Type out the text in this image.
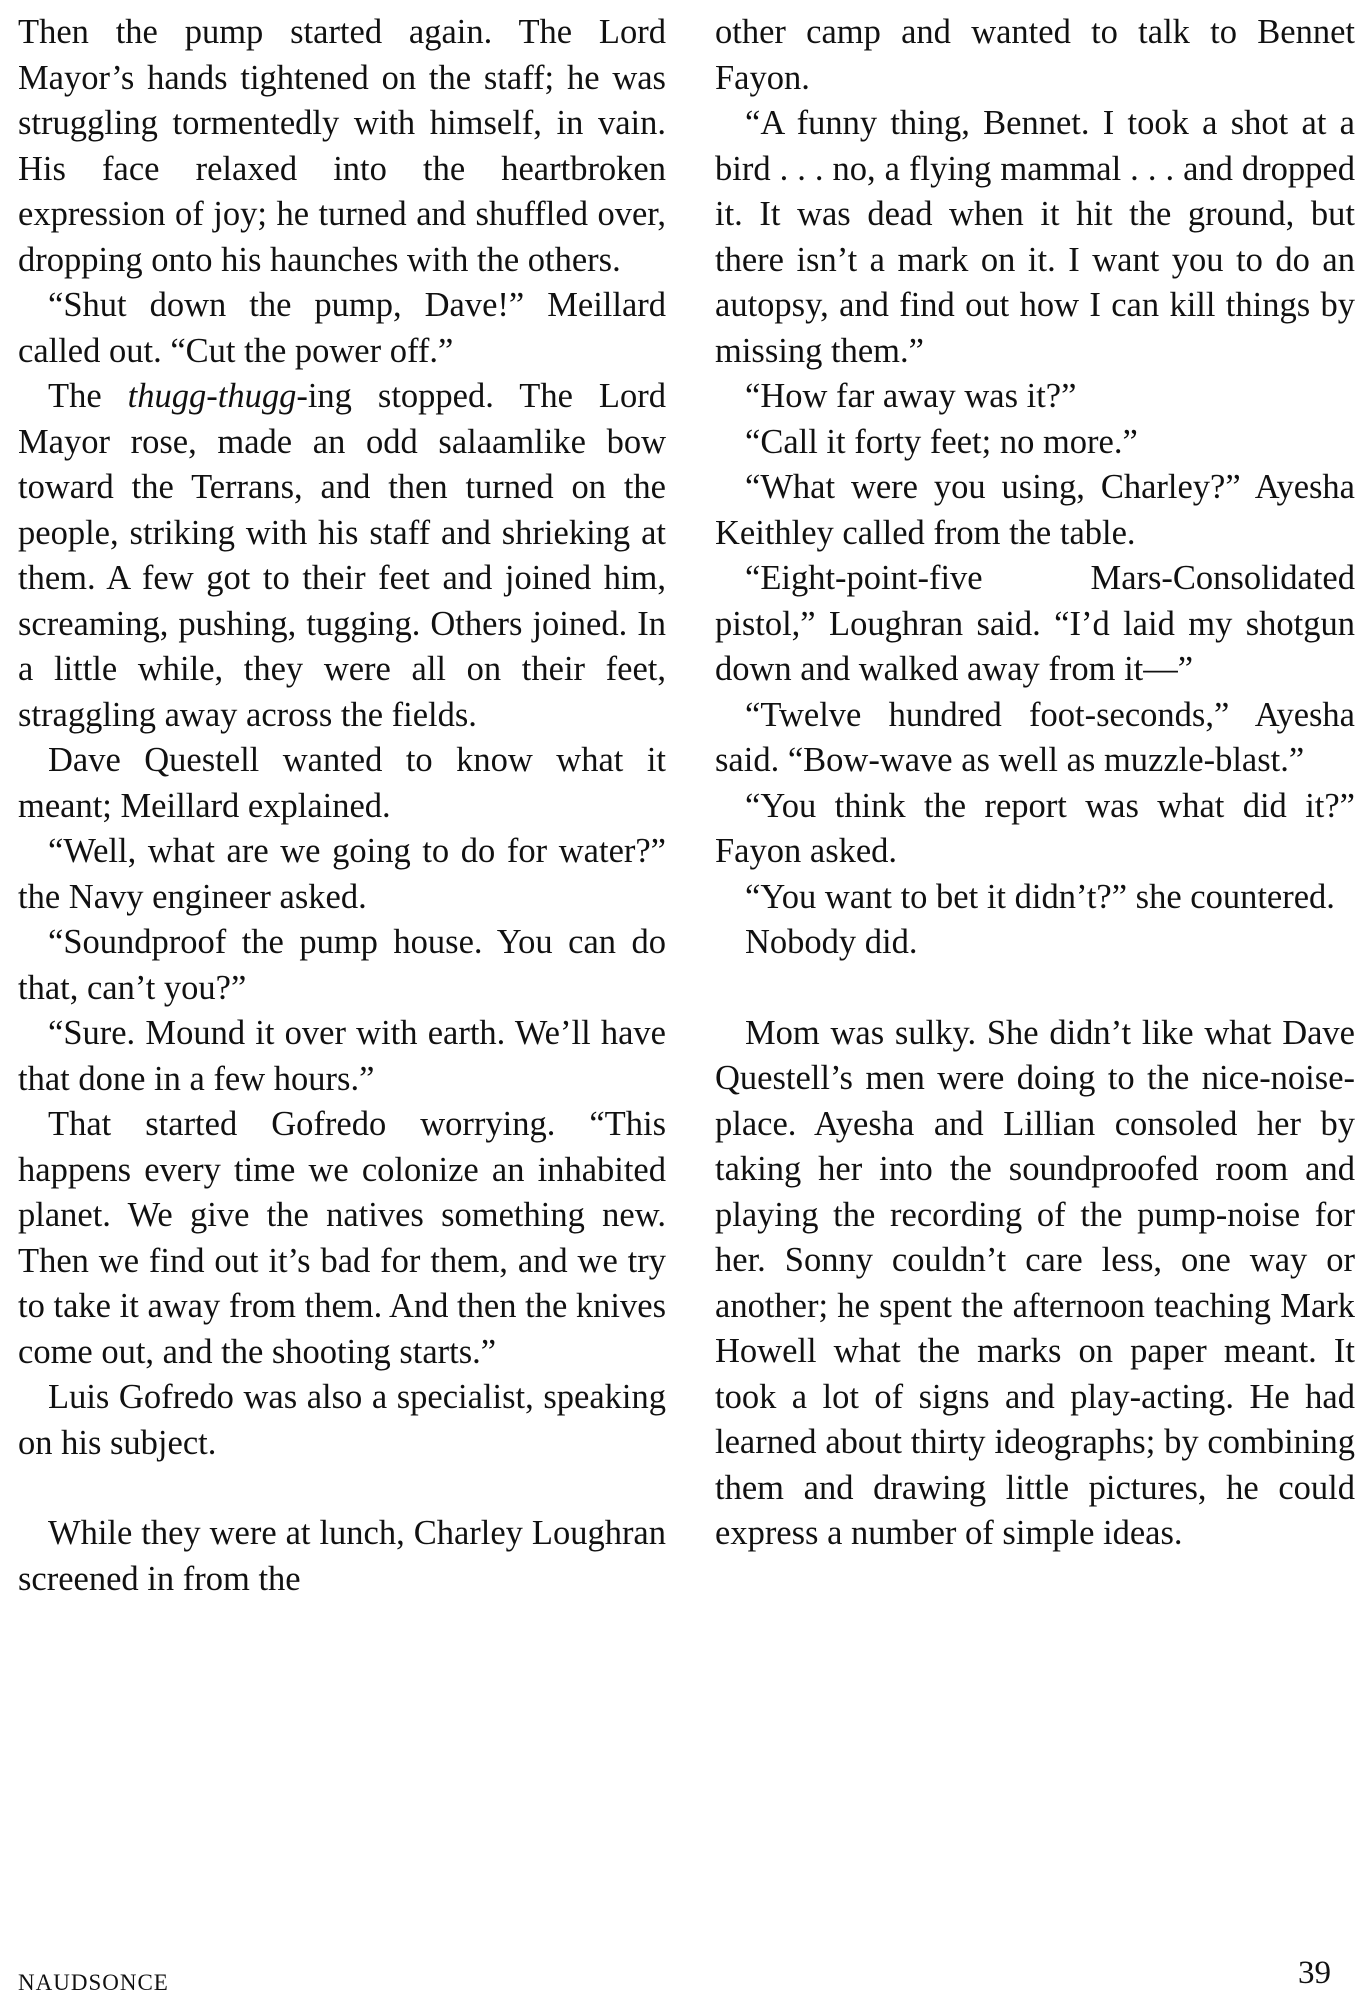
Then the pump started again. The Lord Mayor’s hands tightened on the staff; he was struggling tormentedly with himself, in vain. His face relaxed into the heartbroken expression of joy; he turned and shuffled over, dropping onto his haunches with the others.

“Shut down the pump, Dave!” Meillard called out. “Cut the power off.”

The thugg-thugg-ing stopped. The Lord Mayor rose, made an odd salaamlike bow toward the Terrans, and then turned on the people, striking with his staff and shrieking at them. A few got to their feet and joined him, screaming, pushing, tugging. Others joined. In a little while, they were all on their feet, straggling away across the fields.

Dave Questell wanted to know what it meant; Meillard explained.

“Well, what are we going to do for water?” the Navy engineer asked.

“Soundproof the pump house. You can do that, can’t you?”

“Sure. Mound it over with earth. We’ll have that done in a few hours.”

That started Gofredo worrying. “This happens every time we colonize an inhabited planet. We give the natives something new. Then we find out it’s bad for them, and we try to take it away from them. And then the knives come out, and the shooting starts.”

Luis Gofredo was also a specialist, speaking on his subject.

While they were at lunch, Charley Loughran screened in from the

other camp and wanted to talk to Bennet Fayon.

“A funny thing, Bennet. I took a shot at a bird . . . no, a flying mammal . . . and dropped it. It was dead when it hit the ground, but there isn’t a mark on it. I want you to do an autopsy, and find out how I can kill things by missing them.”

“How far away was it?”

“Call it forty feet; no more.”

“What were you using, Charley?” Ayesha Keithley called from the table.

“Eight-point-five Mars-Consolidated pistol,” Loughran said. “I’d laid my shotgun down and walked away from it—”

“Twelve hundred foot-seconds,” Ayesha said. “Bow-wave as well as muzzle-blast.”

“You think the report was what did it?” Fayon asked.

“You want to bet it didn’t?” she countered.

Nobody did.

Mom was sulky. She didn’t like what Dave Questell’s men were doing to the nice-noise-place. Ayesha and Lillian consoled her by taking her into the soundproofed room and playing the recording of the pump-noise for her. Sonny couldn’t care less, one way or another; he spent the afternoon teaching Mark Howell what the marks on paper meant. It took a lot of signs and play-acting. He had learned about thirty ideographs; by combining them and drawing little pictures, he could express a number of simple ideas.

NAUDSONCE	39
